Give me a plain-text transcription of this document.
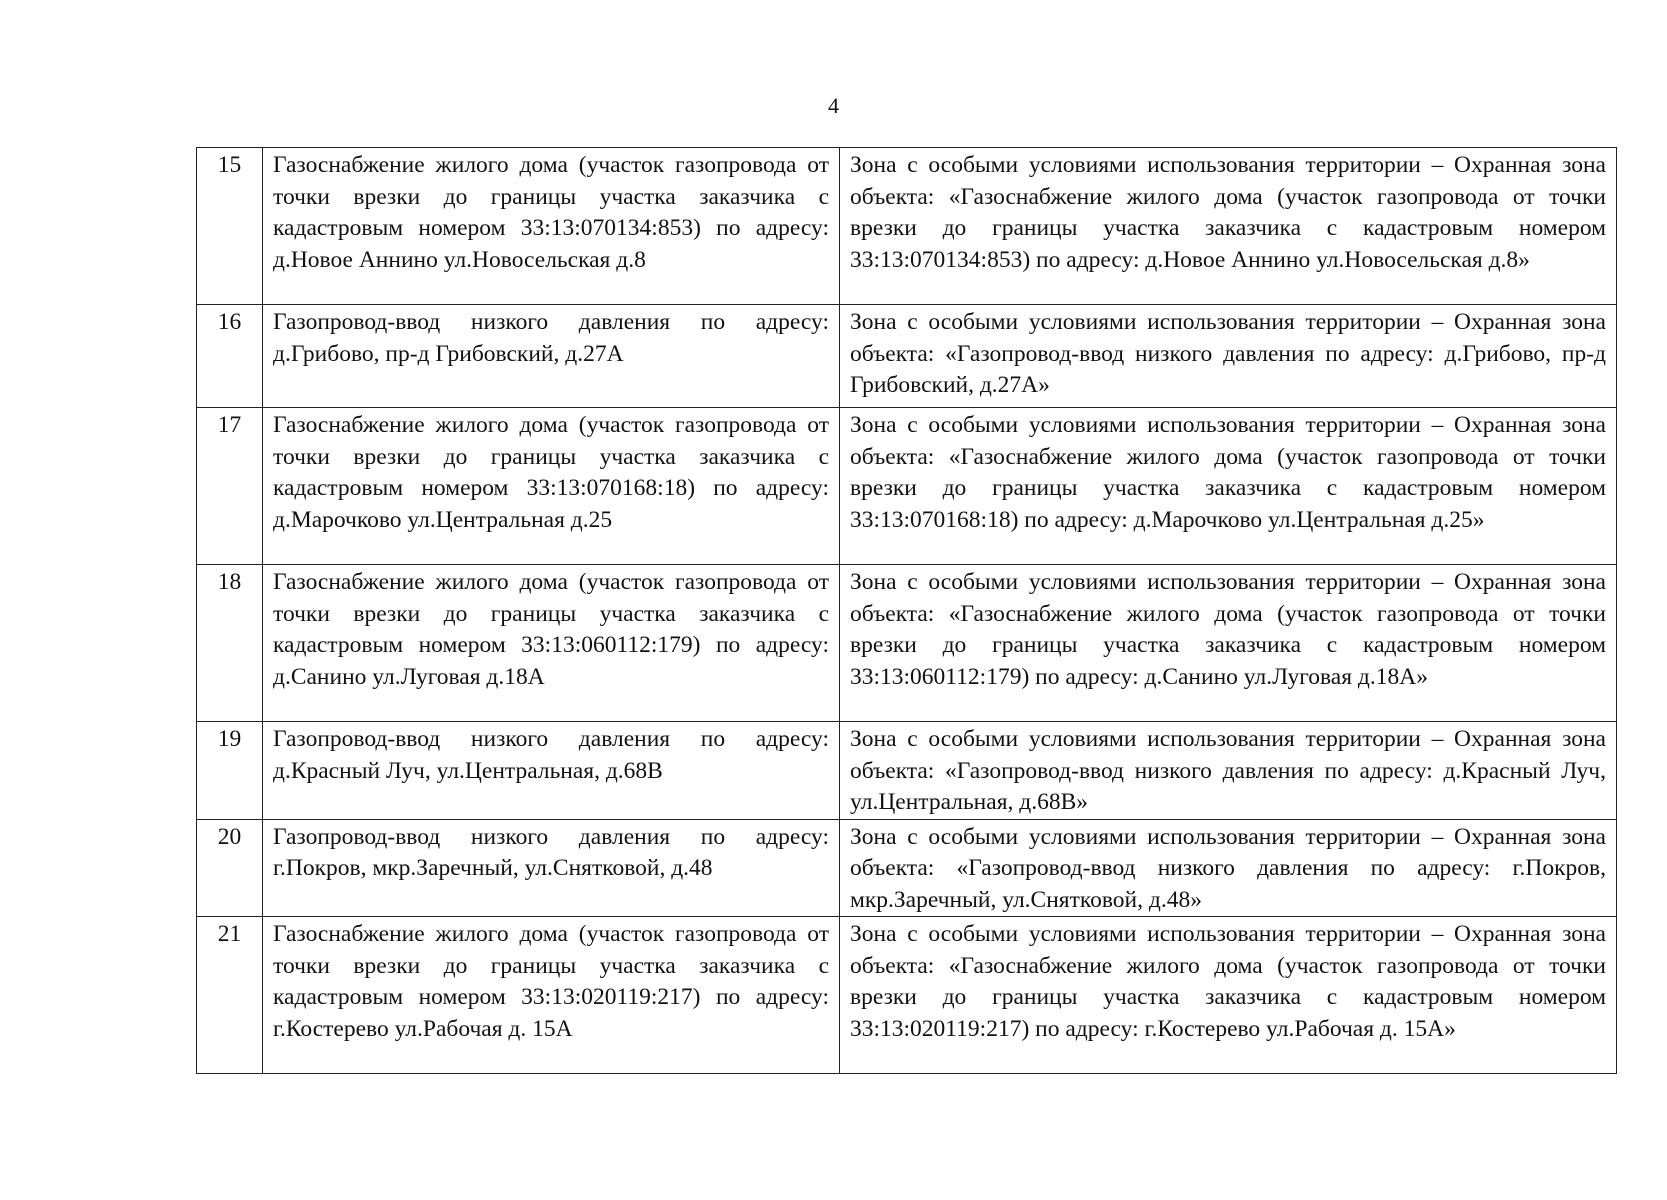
4
15	Газоснабжение жилого дома (участок газопровода от точки врезки до границы участка заказчика с кадастровым номером 33:13:070134:853) по адресу: д.Новое Аннино ул.Новосельская д.8	Зона с особыми условиями использования территории – Охранная зона объекта: «Газоснабжение жилого дома (участок газопровода от точки врезки до границы участка заказчика с кадастровым номером 33:13:070134:853) по адресу: д.Новое Аннино ул.Новосельская д.8»
16	Газопровод-ввод низкого давления по адресу: д.Грибово, пр-д Грибовский, д.27А	Зона с особыми условиями использования территории – Охранная зона объекта: «Газопровод-ввод низкого давления по адресу: д.Грибово, пр-д Грибовский, д.27А»
17	Газоснабжение жилого дома (участок газопровода от точки врезки до границы участка заказчика с кадастровым номером 33:13:070168:18) по адресу: д.Марочково ул.Центральная д.25	Зона с особыми условиями использования территории – Охранная зона объекта: «Газоснабжение жилого дома (участок газопровода от точки врезки до границы участка заказчика с кадастровым номером 33:13:070168:18) по адресу: д.Марочково ул.Центральная д.25»
18	Газоснабжение жилого дома (участок газопровода от точки врезки до границы участка заказчика с кадастровым номером 33:13:060112:179) по адресу: д.Санино ул.Луговая д.18А	Зона с особыми условиями использования территории – Охранная зона объекта: «Газоснабжение жилого дома (участок газопровода от точки врезки до границы участка заказчика с кадастровым номером 33:13:060112:179) по адресу: д.Санино ул.Луговая д.18А»
19	Газопровод-ввод низкого давления по адресу: д.Красный Луч, ул.Центральная, д.68В	Зона с особыми условиями использования территории – Охранная зона объекта: «Газопровод-ввод низкого давления по адресу: д.Красный Луч, ул.Центральная, д.68В»
20	Газопровод-ввод низкого давления по адресу: г.Покров, мкр.Заречный, ул.Снятковой, д.48	Зона с особыми условиями использования территории – Охранная зона объекта: «Газопровод-ввод низкого давления по адресу: г.Покров, мкр.Заречный, ул.Снятковой, д.48»
21	Газоснабжение жилого дома (участок газопровода от точки врезки до границы участка заказчика с кадастровым номером 33:13:020119:217) по адресу: г.Костерево ул.Рабочая д. 15А	Зона с особыми условиями использования территории – Охранная зона объекта: «Газоснабжение жилого дома (участок газопровода от точки врезки до границы участка заказчика с кадастровым номером 33:13:020119:217) по адресу: г.Костерево ул.Рабочая д. 15А»
